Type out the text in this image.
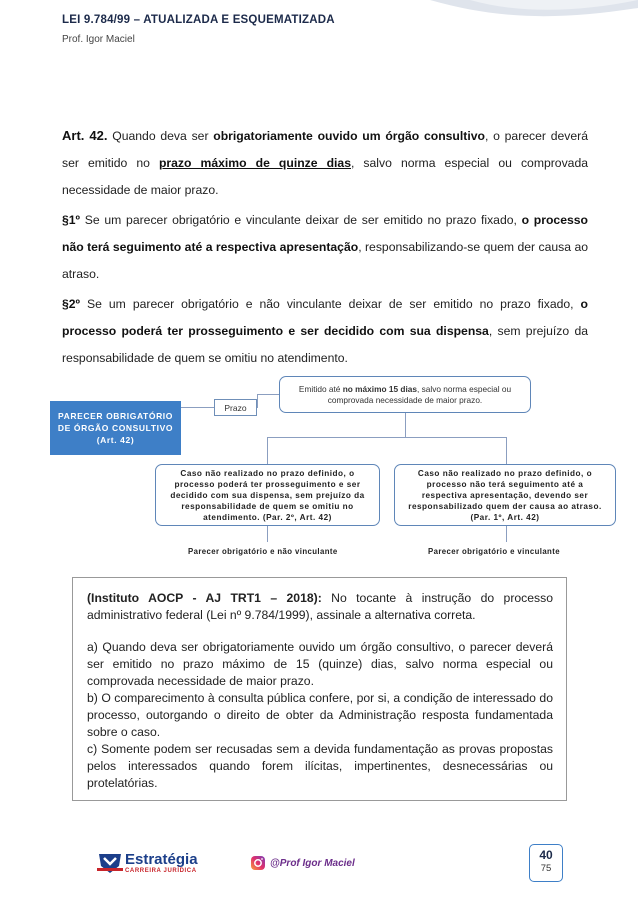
LEI 9.784/99 – ATUALIZADA E ESQUEMATIZADA
Prof. Igor Maciel

Art. 42. Quando deva ser obrigatoriamente ouvido um órgão consultivo, o parecer deverá ser emitido no prazo máximo de quinze dias, salvo norma especial ou comprovada necessidade de maior prazo.

§1º Se um parecer obrigatório e vinculante deixar de ser emitido no prazo fixado, o processo não terá seguimento até a respectiva apresentação, responsabilizando-se quem der causa ao atraso.

§2º Se um parecer obrigatório e não vinculante deixar de ser emitido no prazo fixado, o processo poderá ter prosseguimento e ser decidido com sua dispensa, sem prejuízo da responsabilidade de quem se omitiu no atendimento.

PARECER OBRIGATÓRIO DE ÓRGÃO CONSULTIVO (Art. 42)
Prazo
Emitido até no máximo 15 dias, salvo norma especial ou comprovada necessidade de maior prazo.
Caso não realizado no prazo definido, o processo poderá ter prosseguimento e ser decidido com sua dispensa, sem prejuízo da responsabilidade de quem se omitiu no atendimento. (Par. 2º, Art. 42)
Caso não realizado no prazo definido, o processo não terá seguimento até a respectiva apresentação, devendo ser responsabilizado quem der causa ao atraso. (Par. 1º, Art. 42)
Parecer obrigatório e não vinculante	Parecer obrigatório e vinculante

(Instituto AOCP - AJ TRT1 – 2018): No tocante à instrução do processo administrativo federal (Lei nº 9.784/1999), assinale a alternativa correta.

a) Quando deva ser obrigatoriamente ouvido um órgão consultivo, o parecer deverá ser emitido no prazo máximo de 15 (quinze) dias, salvo norma especial ou comprovada necessidade de maior prazo.

b) O comparecimento à consulta pública confere, por si, a condição de interessado do processo, outorgando o direito de obter da Administração resposta fundamentada sobre o caso.

c) Somente podem ser recusadas sem a devida fundamentação as provas propostas pelos interessados quando forem ilícitas, impertinentes, desnecessárias ou protelatórias.

Estratégia
CARREIRA JURÍDICA
@Prof Igor Maciel
40
75
